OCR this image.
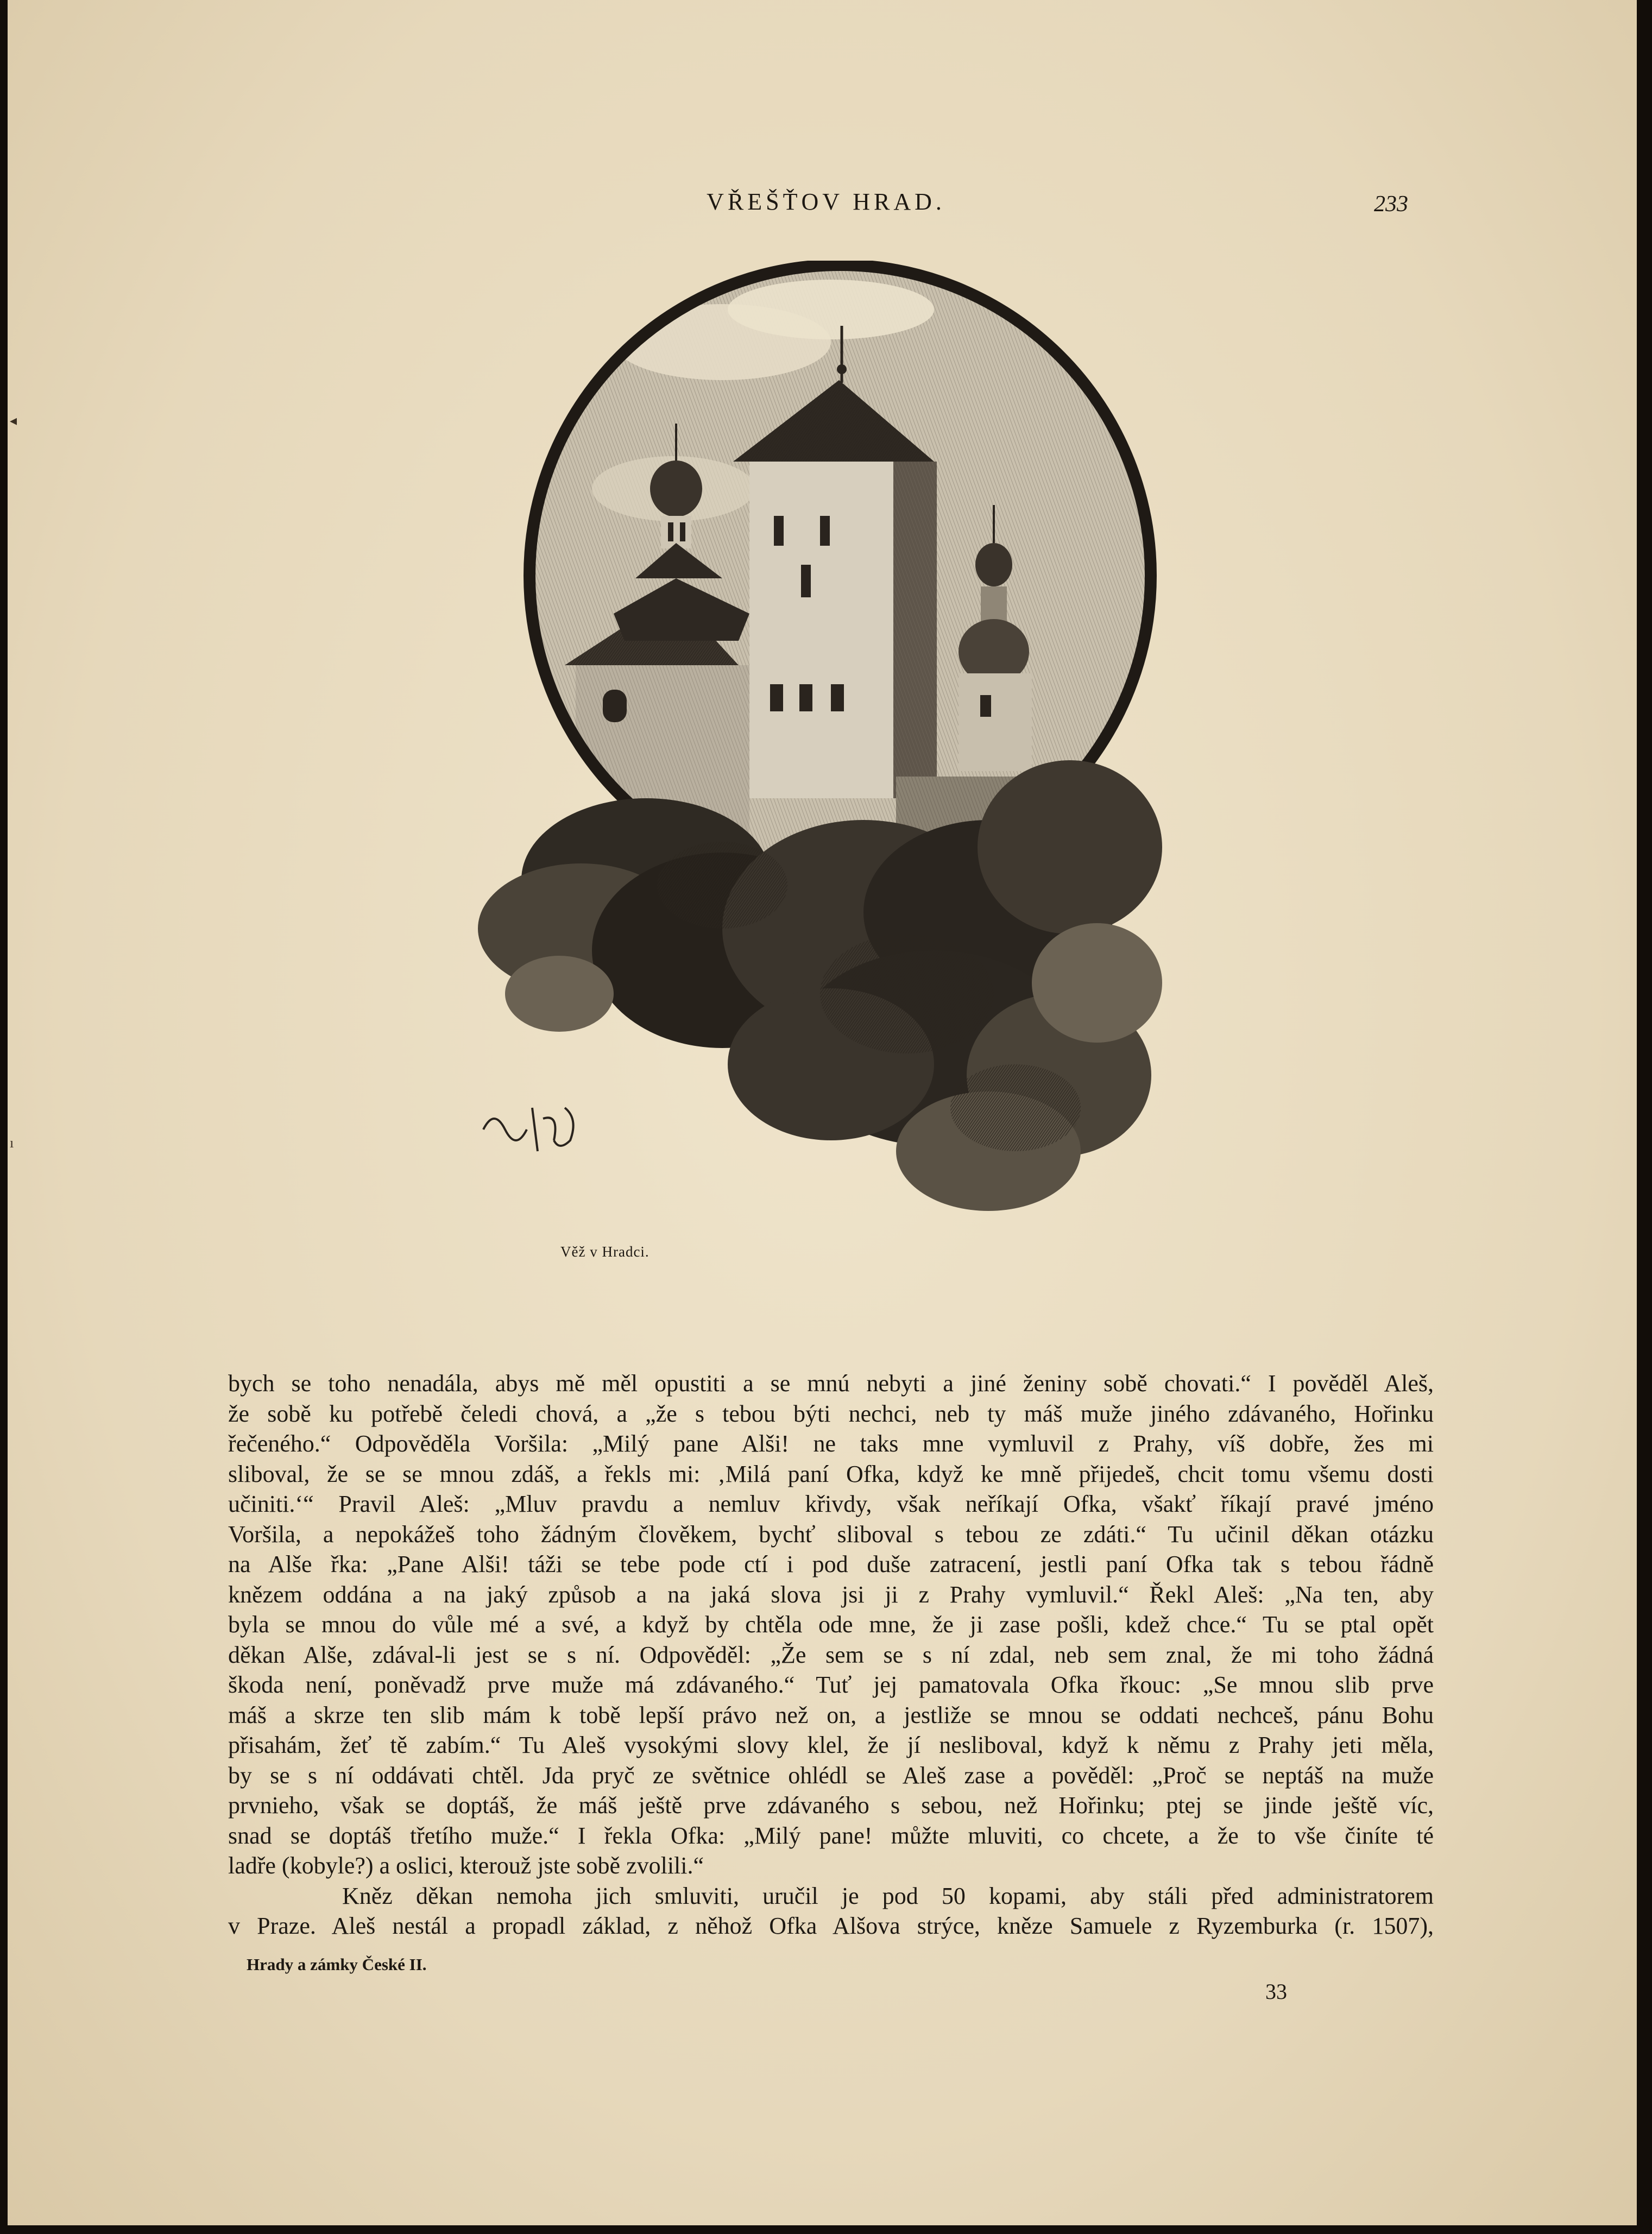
◂
ı
VŘEŠŤOV HRAD.	233
Věž v Hradci.
bych se toho nenadála, abys mě měl opustiti a se mnú nebyti a jiné ženiny sobě chovati.“ I pověděl Aleš,
že sobě ku potřebě čeledi chová, a „že s tebou býti nechci, neb ty máš muže jiného zdávaného, Hořinku
řečeného.“ Odpověděla Voršila: „Milý pane Alši! ne taks mne vymluvil z Prahy, víš dobře, žes mi
sliboval, že se se mnou zdáš, a řekls mi: ‚Milá paní Ofka, když ke mně přijedeš, chcit tomu všemu dosti
učiniti.‘“ Pravil Aleš: „Mluv pravdu a nemluv křivdy, však neříkají Ofka, všakť říkají pravé jméno
Voršila, a nepokážeš toho žádným člověkem, bychť sliboval s tebou ze zdáti.“ Tu učinil děkan otázku
na Alše řka: „Pane Alši! táži se tebe pode ctí i pod duše zatracení, jestli paní Ofka tak s tebou řádně
knězem oddána a na jaký způsob a na jaká slova jsi ji z Prahy vymluvil.“ Řekl Aleš: „Na ten, aby
byla se mnou do vůle mé a své, a když by chtěla ode mne, že ji zase pošli, kdež chce.“ Tu se ptal opět
děkan Alše, zdával-li jest se s ní. Odpověděl: „Že sem se s ní zdal, neb sem znal, že mi toho žádná
škoda není, poněvadž prve muže má zdávaného.“ Tuť jej pamatovala Ofka řkouc: „Se mnou slib prve
máš a skrze ten slib mám k tobě lepší právo než on, a jestliže se mnou se oddati nechceš, pánu Bohu
přisahám, žeť tě zabím.“ Tu Aleš vysokými slovy klel, že jí nesliboval, když k němu z Prahy jeti měla,
by se s ní oddávati chtěl. Jda pryč ze světnice ohlédl se Aleš zase a pověděl: „Proč se neptáš na muže
prvnieho, však se doptáš, že máš ještě prve zdávaného s sebou, než Hořinku; ptej se jinde ještě víc,
snad se doptáš třetího muže.“ I řekla Ofka: „Milý pane! můžte mluviti, co chcete, a že to vše činíte té
ladře (kobyle?) a oslici, kterouž jste sobě zvolili.“
Kněz děkan nemoha jich smluviti, uručil je pod 50 kopami, aby stáli před administratorem
v Praze. Aleš nestál a propadl základ, z něhož Ofka Alšova strýce, kněze Samuele z Ryzemburka (r. 1507),
Hrady a zámky České II.
33
